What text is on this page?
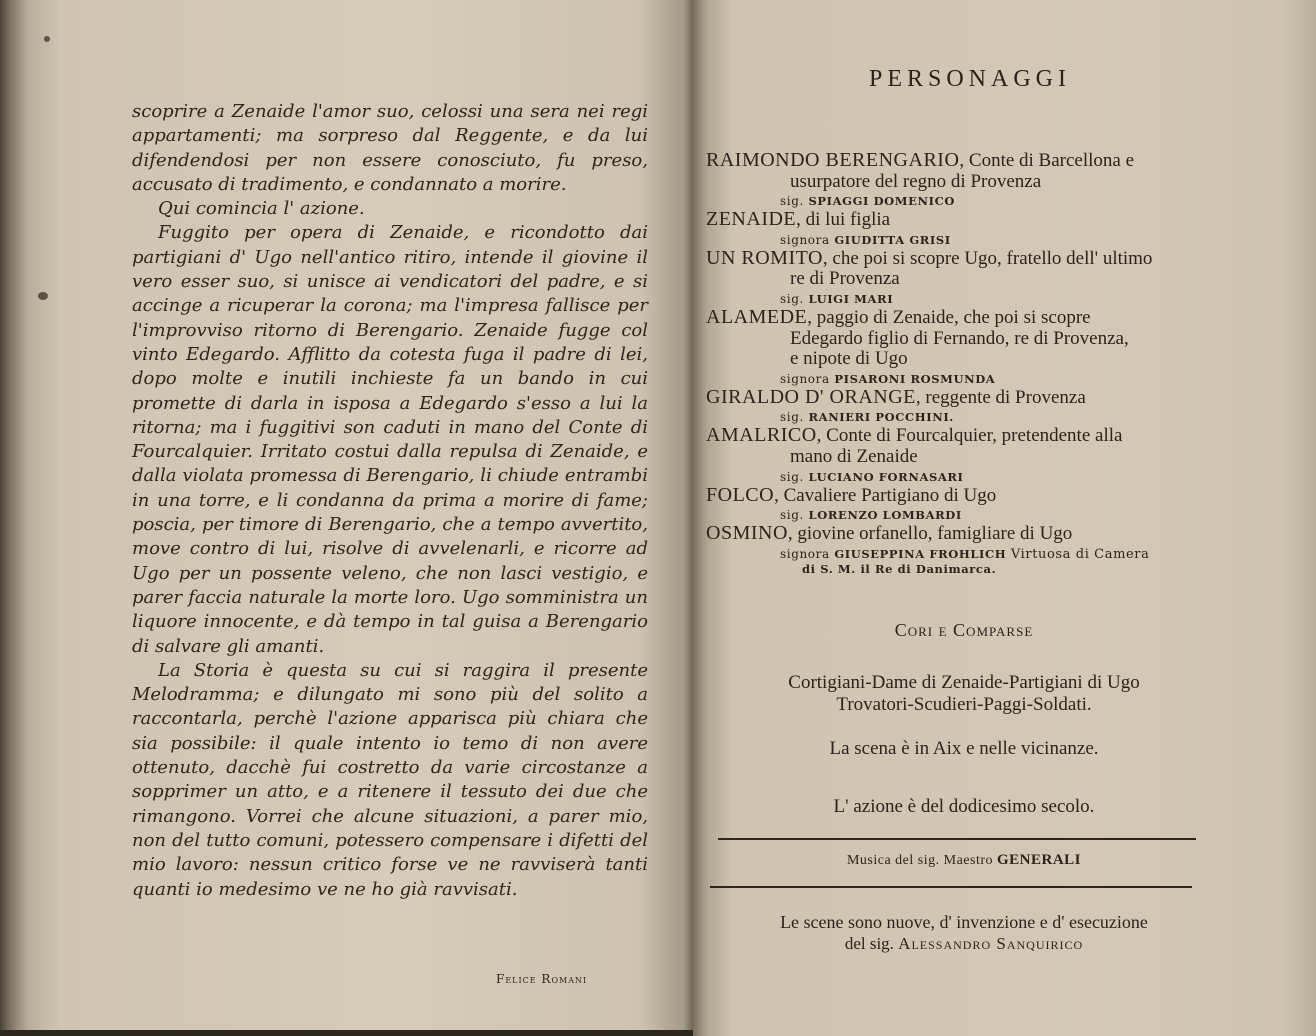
scoprire a Zenaide l'amor suo, celossi una sera nei regi appartamenti; ma sorpreso dal Reggente, e da lui difendendosi per non essere conosciuto, fu preso, accusato di tradimento, e condannato a morire.

Qui comincia l' azione.

Fuggito per opera di Zenaide, e ricondotto dai partigiani d' Ugo nell'antico ritiro, intende il giovine il vero esser suo, si unisce ai vendicatori del padre, e si accinge a ricuperar la corona; ma l'impresa fallisce per l'improvviso ritorno di Berengario. Zenaide fugge col vinto Edegardo. Afflitto da cotesta fuga il padre di lei, dopo molte e inutili inchieste fa un bando in cui promette di darla in isposa a Edegardo s'esso a lui la ritorna; ma i fuggitivi son caduti in mano del Conte di Fourcalquier. Irritato costui dalla repulsa di Zenaide, e dalla violata promessa di Berengario, li chiude entrambi in una torre, e li condanna da prima a morire di fame; poscia, per timore di Berengario, che a tempo avvertito, move contro di lui, risolve di avvelenarli, e ricorre ad Ugo per un possente veleno, che non lasci vestigio, e parer faccia naturale la morte loro. Ugo somministra un liquore innocente, e dà tempo in tal guisa a Berengario di salvare gli amanti.

La Storia è questa su cui si raggira il presente Melodramma; e dilungato mi sono più del solito a raccontarla, perchè l'azione apparisca più chiara che sia possibile: il quale intento io temo di non avere ottenuto, dacchè fui costretto da varie circostanze a sopprimer un atto, e a ritenere il tessuto dei due che rimangono. Vorrei che alcune situazioni, a parer mio, non del tutto comuni, potessero compensare i difetti del mio lavoro: nessun critico forse ve ne ravviserà tanti quanti io medesimo ve ne ho già ravvisati.

Felice Romani
PERSONAGGI

RAIMONDO BERENGARIO, Conte di Barcellona e
usurpatore del regno di Provenza

sig. SPIAGGI DOMENICO

ZENAIDE, di lui figlia

signora GIUDITTA GRISI

UN ROMITO, che poi si scopre Ugo, fratello dell' ultimo
re di Provenza

sig. LUIGI MARI

ALAMEDE, paggio di Zenaide, che poi si scopre
Edegardo figlio di Fernando, re di Provenza,
e nipote di Ugo

signora PISARONI ROSMUNDA

GIRALDO D' ORANGE, reggente di Provenza

sig. RANIERI POCCHINI.

AMALRICO, Conte di Fourcalquier, pretendente alla
mano di Zenaide

sig. LUCIANO FORNASARI

FOLCO, Cavaliere Partigiano di Ugo

sig. LORENZO LOMBARDI

OSMINO, giovine orfanello, famigliare di Ugo

signora GIUSEPPINA FROHLICH Virtuosa di Camera
di S. M. il Re di Danimarca.

Cori e Comparse
Cortigiani-Dame di Zenaide-Partigiani di Ugo
Trovatori-Scudieri-Paggi-Soldati.
La scena è in Aix e nelle vicinanze.
L' azione è del dodicesimo secolo.
Musica del sig. Maestro GENERALI
Le scene sono nuove, d' invenzione e d' esecuzione
del sig. Alessandro Sanquirico
